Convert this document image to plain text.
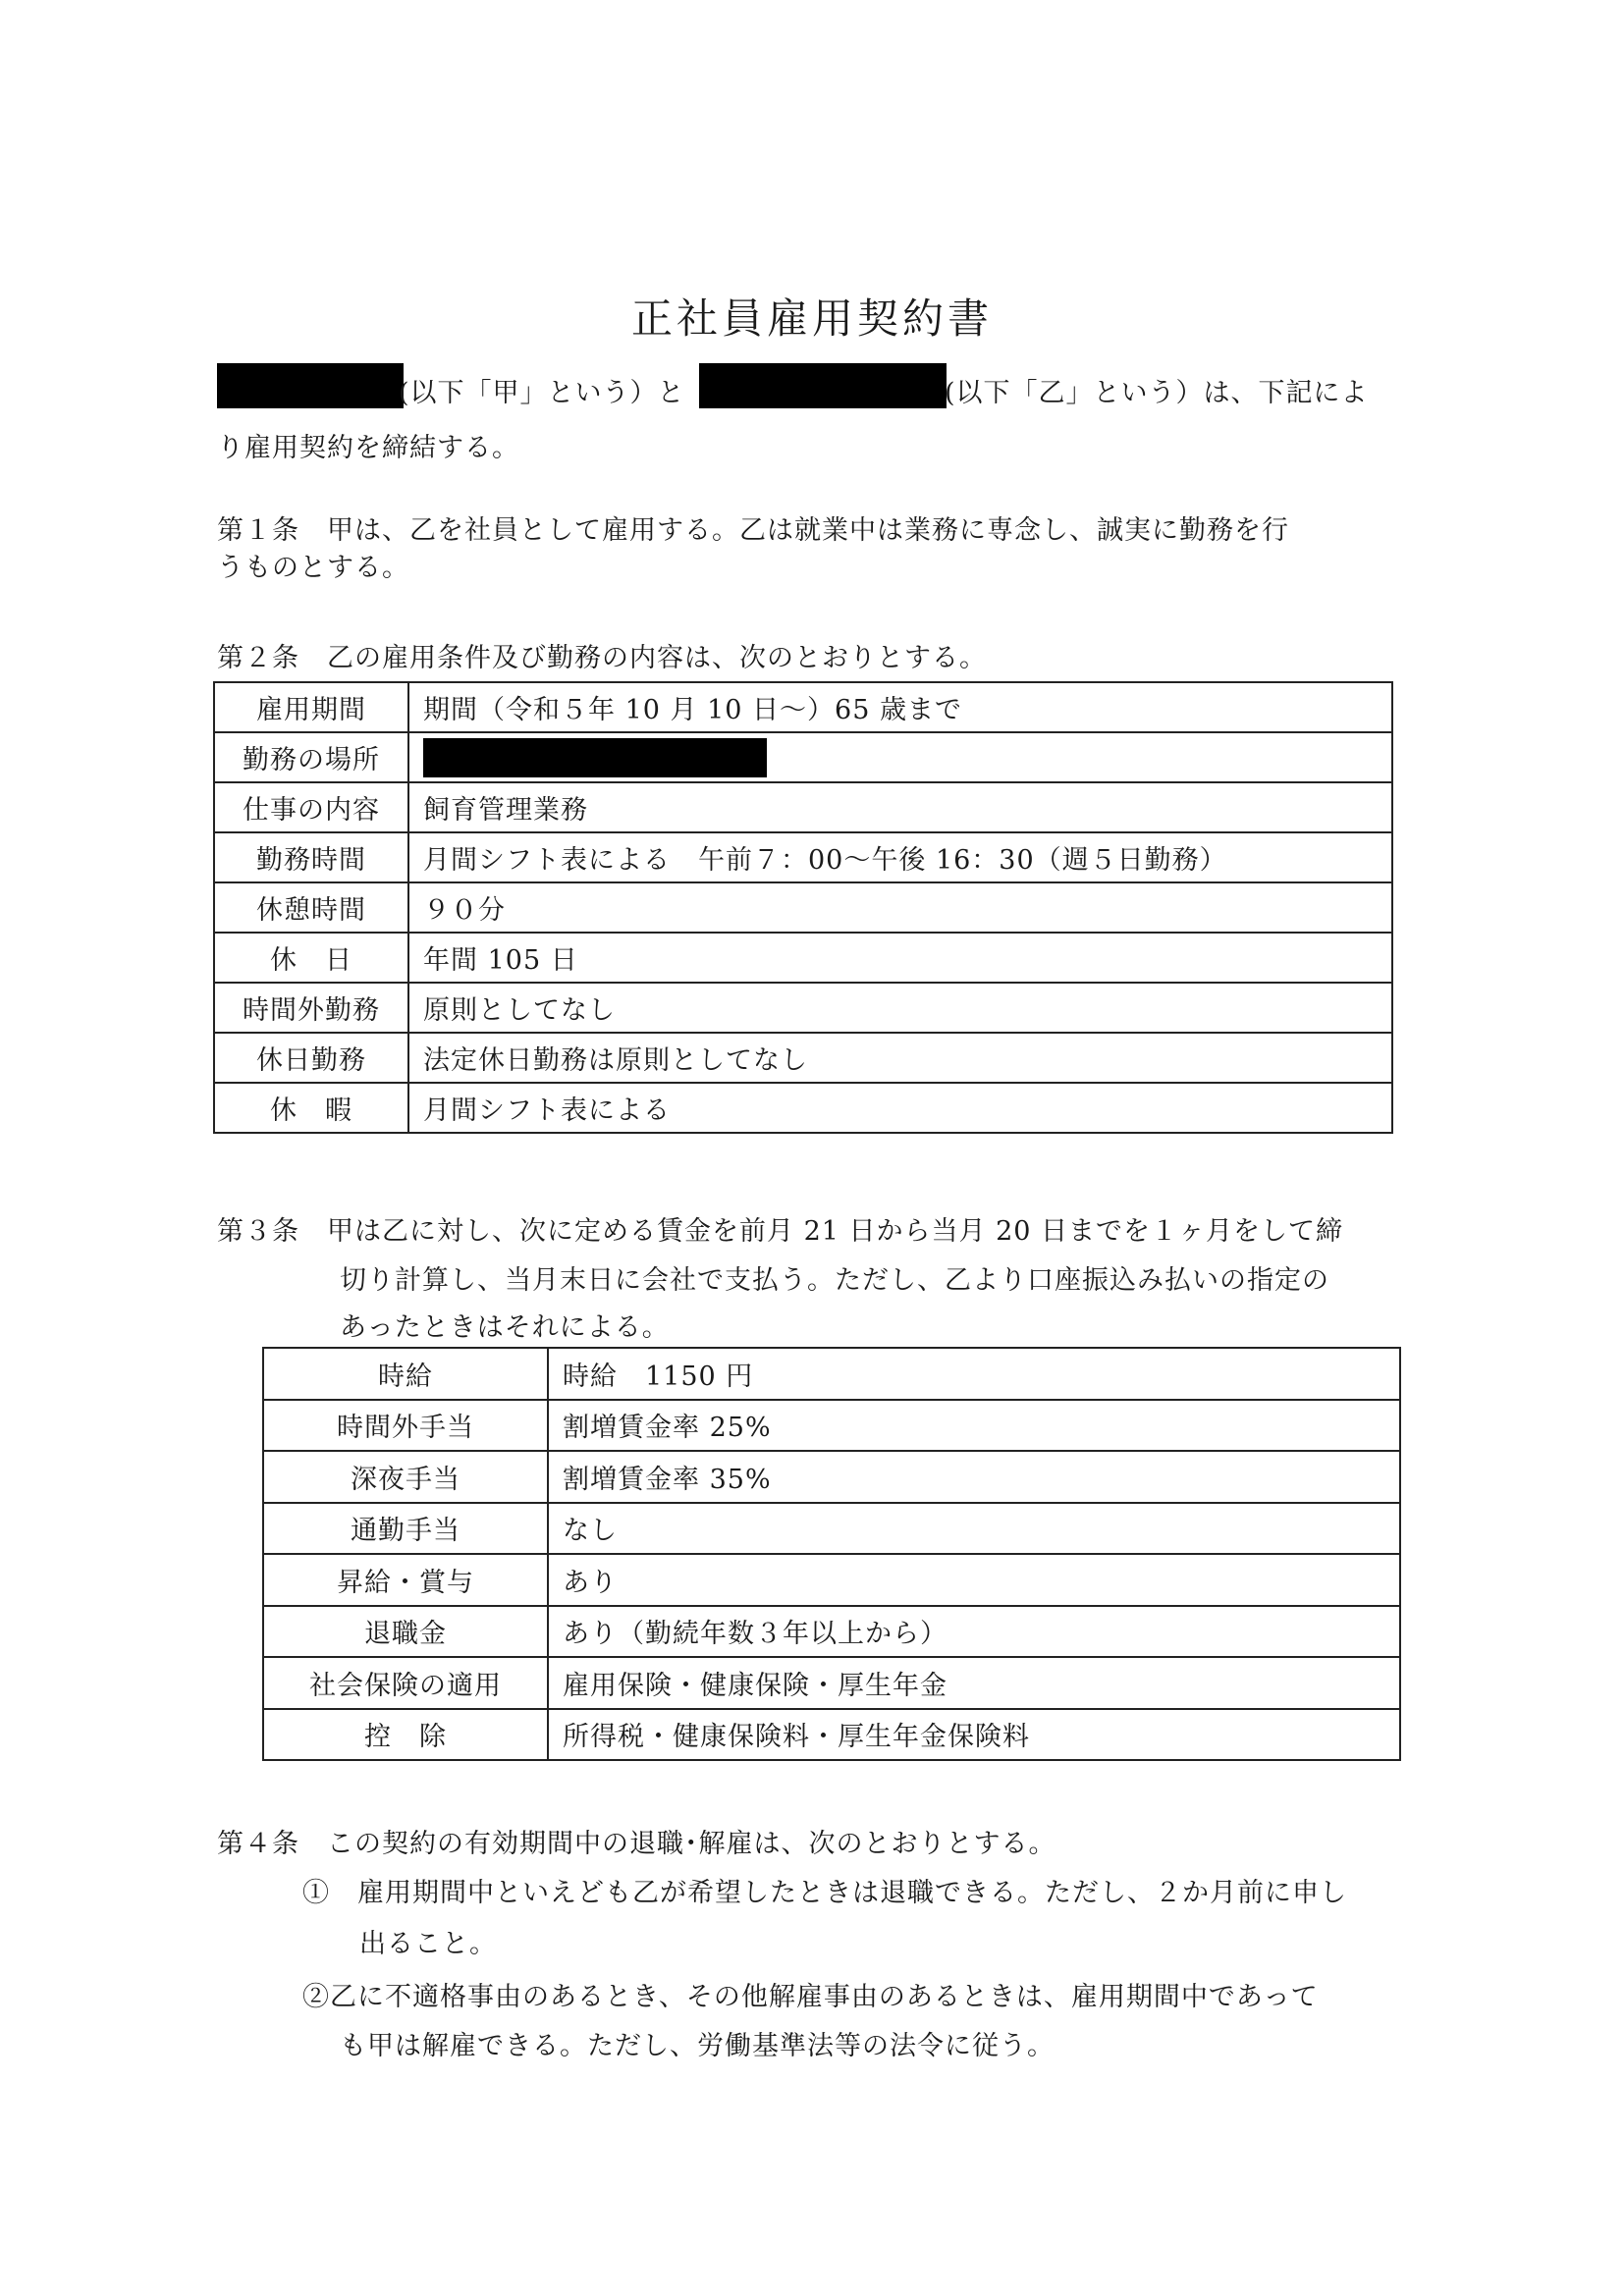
正社員雇用契約書
(以下「甲」という）と	(以下「乙」という）は、下記によ
り雇用契約を締結する。
第１条　甲は、乙を社員として雇用する。乙は就業中は業務に専念し、誠実に勤務を行
うものとする。
第２条　乙の雇用条件及び勤務の内容は、次のとおりとする。
雇用期間	期間（令和５年 10 月 10 日～）65 歳まで
勤務の場所	
仕事の内容	飼育管理業務
勤務時間	月間シフト表による　午前７：00～午後 16：30（週５日勤務）
休憩時間	９０分
休　日	年間 105 日
時間外勤務	原則としてなし
休日勤務	法定休日勤務は原則としてなし
休　暇	月間シフト表による
第３条　甲は乙に対し、次に定める賃金を前月 21 日から当月 20 日までを１ヶ月をして締
切り計算し、当月末日に会社で支払う。ただし、乙より口座振込み払いの指定の
あったときはそれによる。
時給	時給　1150 円
時間外手当	割増賃金率 25%
深夜手当	割増賃金率 35%
通勤手当	なし
昇給・賞与	あり
退職金	あり（勤続年数３年以上から）
社会保険の適用	雇用保険・健康保険・厚生年金
控　除	所得税・健康保険料・厚生年金保険料
第４条　この契約の有効期間中の退職･解雇は、次のとおりとする。
①　雇用期間中といえども乙が希望したときは退職できる。ただし、２か月前に申し
出ること。
②乙に不適格事由のあるとき、その他解雇事由のあるときは、雇用期間中であって
も甲は解雇できる。ただし、労働基準法等の法令に従う。
